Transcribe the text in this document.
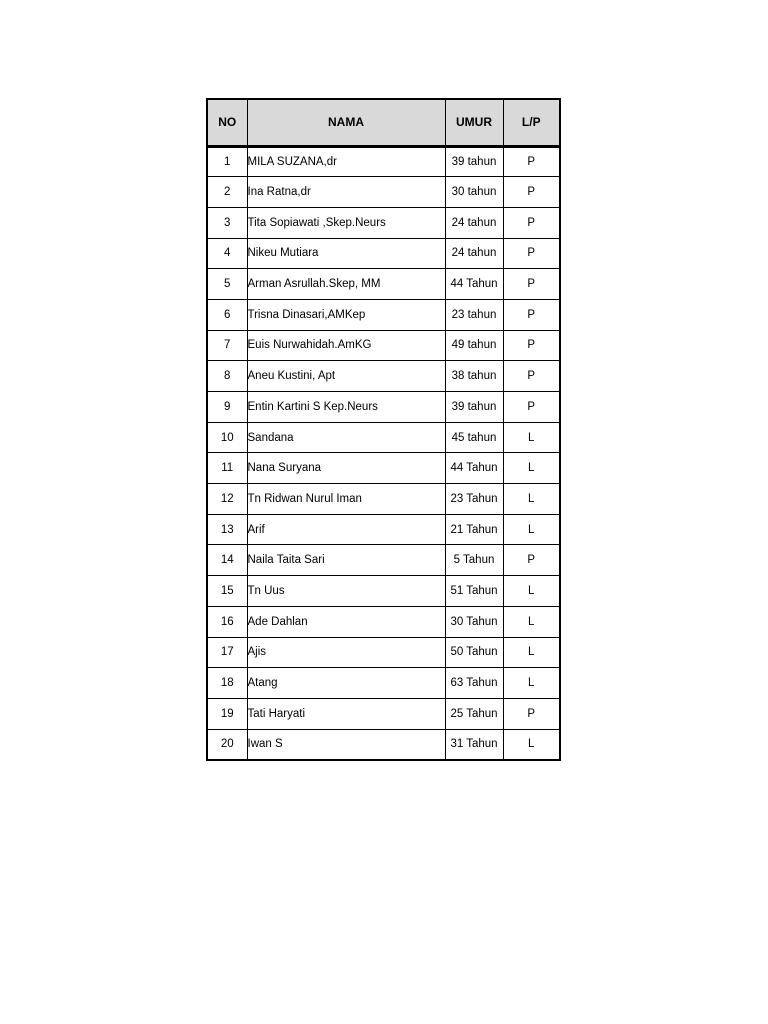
NO	NAMA	UMUR	L/P
1	MILA SUZANA,dr	39 tahun	P
2	Ina Ratna,dr	30 tahun	P
3	Tita Sopiawati ,Skep.Neurs	24 tahun	P
4	Nikeu Mutiara	24 tahun	P
5	Arman Asrullah.Skep, MM	44 Tahun	P
6	Trisna Dinasari,AMKep	23 tahun	P
7	Euis Nurwahidah.AmKG	49 tahun	P
8	Aneu Kustini, Apt	38 tahun	P
9	Entin Kartini S Kep.Neurs	39 tahun	P
10	Sandana	45 tahun	L
11	Nana Suryana	44 Tahun	L
12	Tn Ridwan Nurul Iman	23 Tahun	L
13	Arif	21 Tahun	L
14	Naila Taita Sari	5 Tahun	P
15	Tn Uus	51 Tahun	L
16	Ade Dahlan	30 Tahun	L
17	Ajis	50 Tahun	L
18	Atang	63 Tahun	L
19	Tati Haryati	25 Tahun	P
20	Iwan S	31 Tahun	L
